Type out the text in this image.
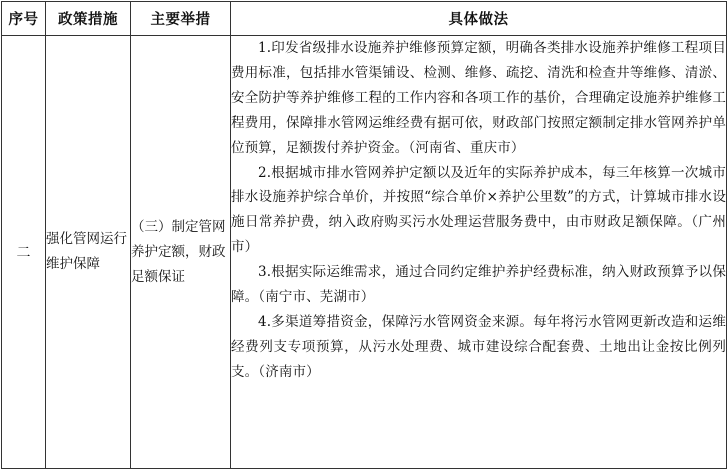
序号	政策措施	主要举措	具体做法
二	强化管网运行维护保障	（三）制定管网养护定额，财政足额保证	1.印发省级排水设施养护维修预算定额，明确各类排水设施养护维修工程项目费用标准，包括排水管渠铺设、检测、维修、疏挖、清洗和检查井等维修、清淤、安全防护等养护维修工程的工作内容和各项工作的基价，合理确定设施养护维修工程费用，保障排水管网运维经费有据可依，财政部门按照定额制定排水管网养护单位预算，足额拨付养护资金。（河南省、重庆市）

2.根据城市排水管网养护定额以及近年的实际养护成本，每三年核算一次城市排水设施养护综合单价，并按照“综合单价×养护公里数”的方式，计算城市排水设施日常养护费，纳入政府购买污水处理运营服务费中，由市财政足额保障。（广州市）

3.根据实际运维需求，通过合同约定维护养护经费标准，纳入财政预算予以保障。（南宁市、芜湖市）

4.多渠道筹措资金，保障污水管网资金来源。每年将污水管网更新改造和运维经费列支专项预算，从污水处理费、城市建设综合配套费、土地出让金按比例列支。（济南市）
